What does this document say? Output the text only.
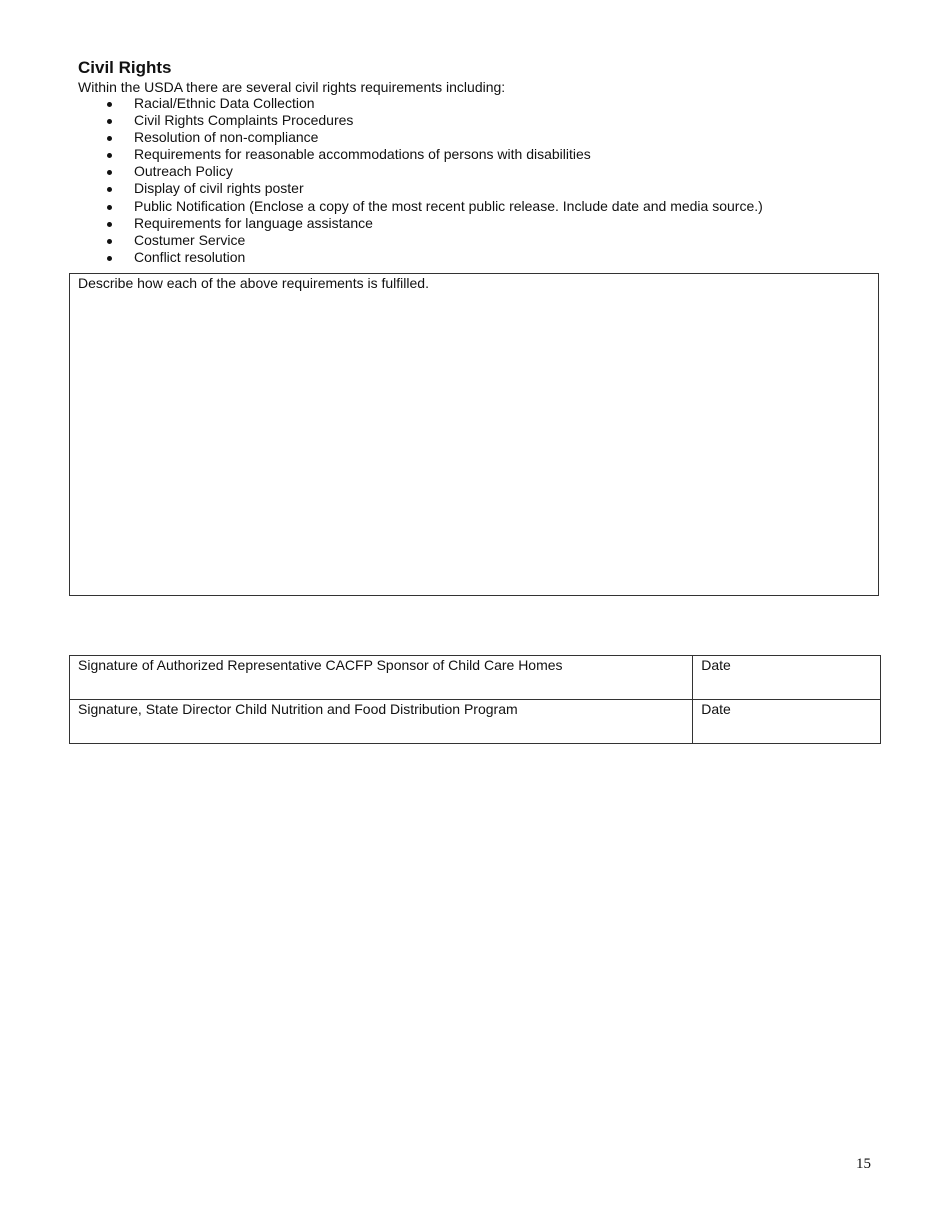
Civil Rights

Within the USDA there are several civil rights requirements including:

Racial/Ethnic Data Collection
Civil Rights Complaints Procedures
Resolution of non-compliance
Requirements for reasonable accommodations of persons with disabilities
Outreach Policy
Display of civil rights poster
Public Notification (Enclose a copy of the most recent public release. Include date and media source.)
Requirements for language assistance
Costumer Service
Conflict resolution
Describe how each of the above requirements is fulfilled.
Signature of Authorized Representative CACFP Sponsor of Child Care Homes	Date
Signature, State Director Child Nutrition and Food Distribution Program	Date
15
